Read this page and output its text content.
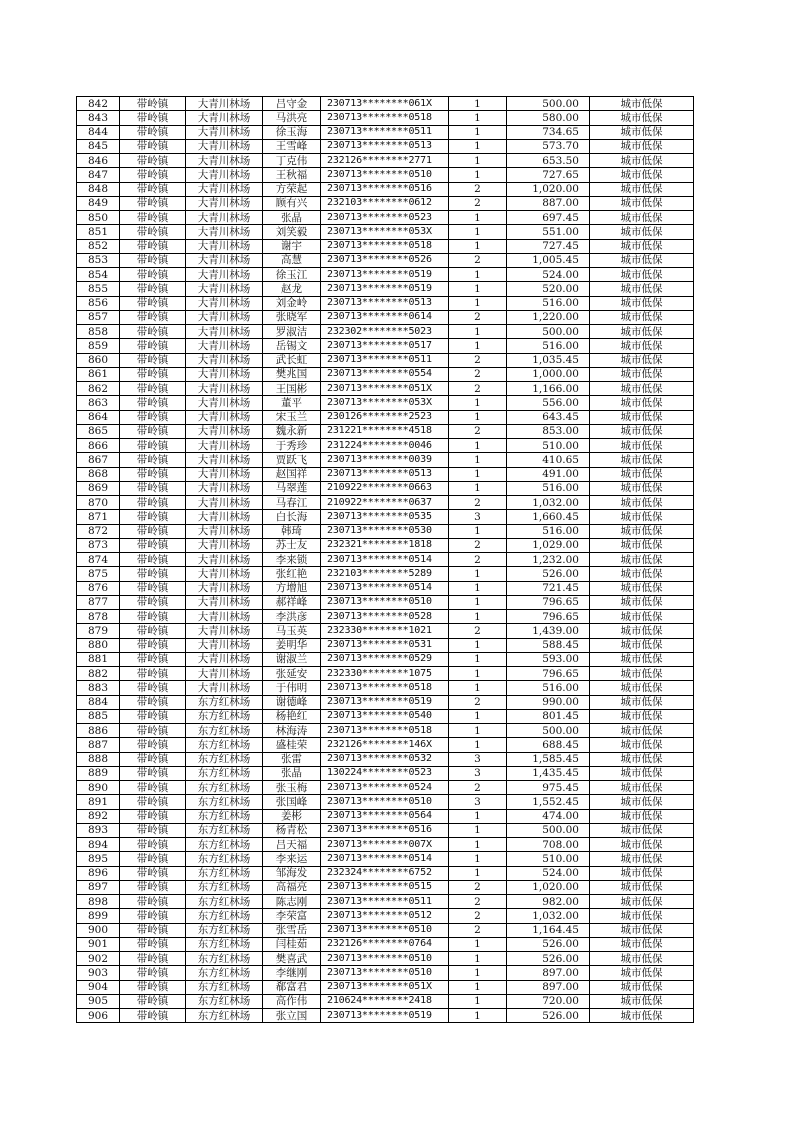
842	带岭镇	大青川林场	吕守金	230713********061X	1	500.00	城市低保
843	带岭镇	大青川林场	马洪亮	230713********0518	1	580.00	城市低保
844	带岭镇	大青川林场	徐玉海	230713********0511	1	734.65	城市低保
845	带岭镇	大青川林场	王雪峰	230713********0513	1	573.70	城市低保
846	带岭镇	大青川林场	丁克伟	232126********2771	1	653.50	城市低保
847	带岭镇	大青川林场	王秋福	230713********0510	1	727.65	城市低保
848	带岭镇	大青川林场	方荣起	230713********0516	2	1,020.00	城市低保
849	带岭镇	大青川林场	顾有兴	232103********0612	2	887.00	城市低保
850	带岭镇	大青川林场	张晶	230713********0523	1	697.45	城市低保
851	带岭镇	大青川林场	刘笑毅	230713********053X	1	551.00	城市低保
852	带岭镇	大青川林场	谢宇	230713********0518	1	727.45	城市低保
853	带岭镇	大青川林场	高慧	230713********0526	2	1,005.45	城市低保
854	带岭镇	大青川林场	徐玉江	230713********0519	1	524.00	城市低保
855	带岭镇	大青川林场	赵龙	230713********0519	1	520.00	城市低保
856	带岭镇	大青川林场	刘金岭	230713********0513	1	516.00	城市低保
857	带岭镇	大青川林场	张晓军	230713********0614	2	1,220.00	城市低保
858	带岭镇	大青川林场	罗淑洁	232302********5023	1	500.00	城市低保
859	带岭镇	大青川林场	岳锡文	230713********0517	1	516.00	城市低保
860	带岭镇	大青川林场	武长虹	230713********0511	2	1,035.45	城市低保
861	带岭镇	大青川林场	樊兆国	230713********0554	2	1,000.00	城市低保
862	带岭镇	大青川林场	王国彬	230713********051X	2	1,166.00	城市低保
863	带岭镇	大青川林场	董平	230713********053X	1	556.00	城市低保
864	带岭镇	大青川林场	宋玉兰	230126********2523	1	643.45	城市低保
865	带岭镇	大青川林场	魏永新	231221********4518	2	853.00	城市低保
866	带岭镇	大青川林场	于秀珍	231224********0046	1	510.00	城市低保
867	带岭镇	大青川林场	贾跃飞	230713********0039	1	410.65	城市低保
868	带岭镇	大青川林场	赵国祥	230713********0513	1	491.00	城市低保
869	带岭镇	大青川林场	马翠莲	210922********0663	1	516.00	城市低保
870	带岭镇	大青川林场	马春江	210922********0637	2	1,032.00	城市低保
871	带岭镇	大青川林场	白长海	230713********0535	3	1,660.45	城市低保
872	带岭镇	大青川林场	韩琦	230713********0530	1	516.00	城市低保
873	带岭镇	大青川林场	苏士友	232321********1818	2	1,029.00	城市低保
874	带岭镇	大青川林场	李来锁	230713********0514	2	1,232.00	城市低保
875	带岭镇	大青川林场	张红艳	232103********5289	1	526.00	城市低保
876	带岭镇	大青川林场	方增旭	230713********0514	1	721.45	城市低保
877	带岭镇	大青川林场	郝祥峰	230713********0510	1	796.65	城市低保
878	带岭镇	大青川林场	李洪彦	230713********0528	1	796.65	城市低保
879	带岭镇	大青川林场	马玉英	232330********1021	2	1,439.00	城市低保
880	带岭镇	大青川林场	姜明华	230713********0531	1	588.45	城市低保
881	带岭镇	大青川林场	谢淑兰	230713********0529	1	593.00	城市低保
882	带岭镇	大青川林场	张延安	232330********1075	1	796.65	城市低保
883	带岭镇	大青川林场	于伟明	230713********0518	1	516.00	城市低保
884	带岭镇	东方红林场	谢德峰	230713********0519	2	990.00	城市低保
885	带岭镇	东方红林场	杨艳红	230713********0540	1	801.45	城市低保
886	带岭镇	东方红林场	林海涛	230713********0518	1	500.00	城市低保
887	带岭镇	东方红林场	盛桂荣	232126********146X	1	688.45	城市低保
888	带岭镇	东方红林场	张雷	230713********0532	3	1,585.45	城市低保
889	带岭镇	东方红林场	张晶	130224********0523	3	1,435.45	城市低保
890	带岭镇	东方红林场	张玉梅	230713********0524	2	975.45	城市低保
891	带岭镇	东方红林场	张国峰	230713********0510	3	1,552.45	城市低保
892	带岭镇	东方红林场	姜彬	230713********0564	1	474.00	城市低保
893	带岭镇	东方红林场	杨青松	230713********0516	1	500.00	城市低保
894	带岭镇	东方红林场	吕天福	230713********007X	1	708.00	城市低保
895	带岭镇	东方红林场	李来运	230713********0514	1	510.00	城市低保
896	带岭镇	东方红林场	邹海发	232324********6752	1	524.00	城市低保
897	带岭镇	东方红林场	高福亮	230713********0515	2	1,020.00	城市低保
898	带岭镇	东方红林场	陈志刚	230713********0511	2	982.00	城市低保
899	带岭镇	东方红林场	李荣富	230713********0512	2	1,032.00	城市低保
900	带岭镇	东方红林场	张雪岳	230713********0510	2	1,164.45	城市低保
901	带岭镇	东方红林场	闫桂茹	232126********0764	1	526.00	城市低保
902	带岭镇	东方红林场	樊喜武	230713********0510	1	526.00	城市低保
903	带岭镇	东方红林场	李继刚	230713********0510	1	897.00	城市低保
904	带岭镇	东方红林场	郗富君	230713********051X	1	897.00	城市低保
905	带岭镇	东方红林场	高作伟	210624********2418	1	720.00	城市低保
906	带岭镇	东方红林场	张立国	230713********0519	1	526.00	城市低保
